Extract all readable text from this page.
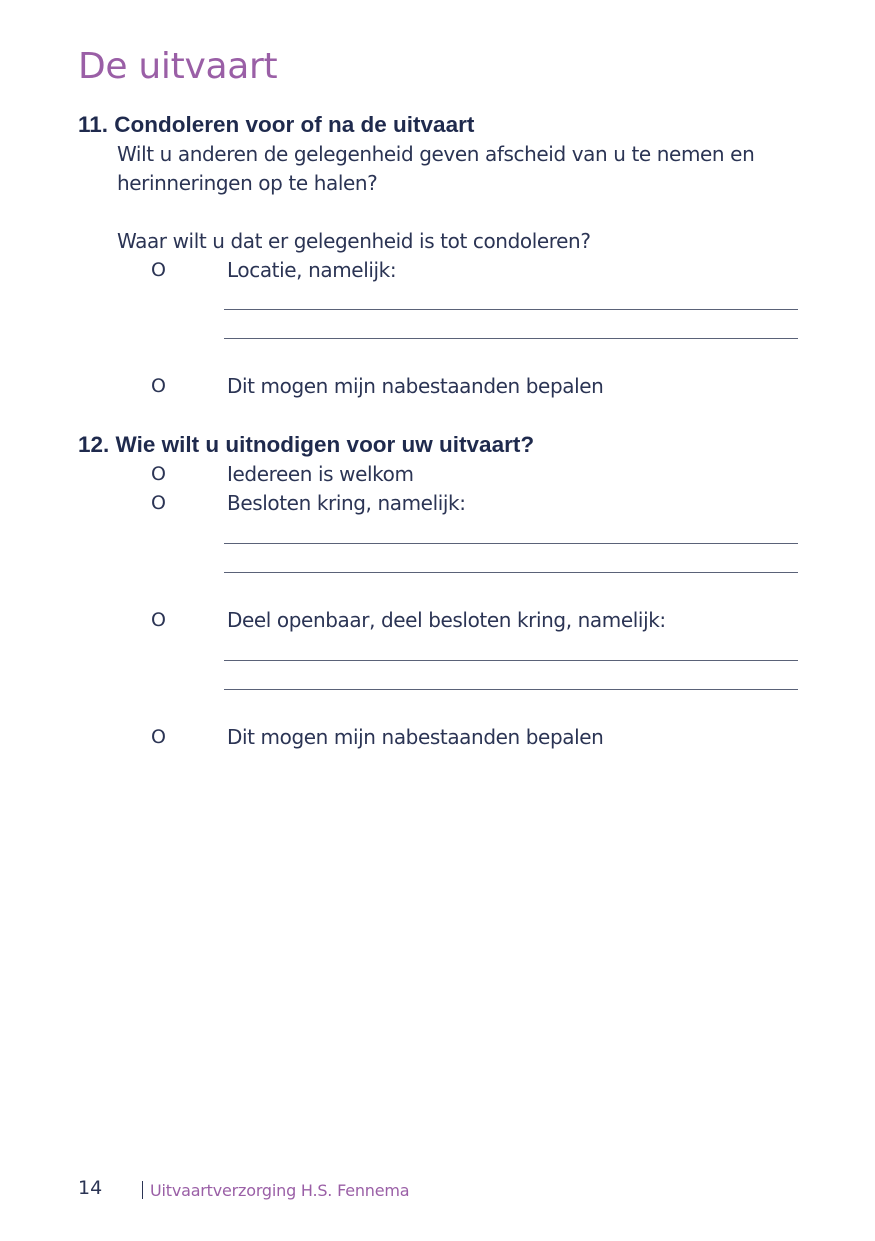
De uitvaart
11. Condoleren voor of na de uitvaart
Wilt u anderen de gelegenheid geven afscheid van u te nemen en
herinneringen op te halen?
Waar wilt u dat er gelegenheid is tot condoleren?
O	Locatie, namelijk:
O	Dit mogen mijn nabestaanden bepalen
12. Wie wilt u uitnodigen voor uw uitvaart?
O	Iedereen is welkom
O	Besloten kring, namelijk:
O	Deel openbaar, deel besloten kring, namelijk:
O	Dit mogen mijn nabestaanden bepalen
14	Uitvaartverzorging H.S. Fennema
